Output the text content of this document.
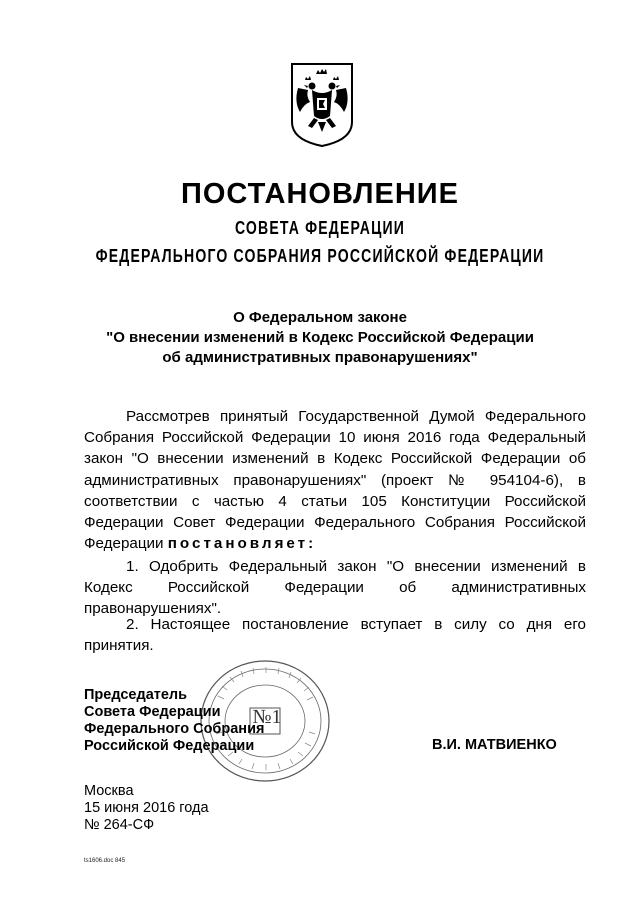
ПОСТАНОВЛЕНИЕ
СОВЕТА ФЕДЕРАЦИИ
ФЕДЕРАЛЬНОГО СОБРАНИЯ РОССИЙСКОЙ ФЕДЕРАЦИИ
О Федеральном законе
"О внесении изменений в Кодекс Российской Федерации
об административных правонарушениях"
Рассмотрев принятый Государственной Думой Федерального
Собрания Российской Федерации 10 июня 2016 года Федеральный
закон "О внесении изменений в Кодекс Российской Федерации об
административных правонарушениях" (проект № 954104-6), в
соответствии с частью 4 статьи 105 Конституции Российской
Федерации Совет Федерации Федерального Собрания Российской
Федерации постановляет:
1. Одобрить Федеральный закон "О внесении изменений в
Кодекс Российской Федерации об административных
правонарушениях".
2. Настоящее постановление вступает в силу со дня его
принятия.
№1
Председатель
Совета Федерации
Федерального Собрания
Российской Федерации	В.И. МАТВИЕНКО
Москва
15 июня 2016 года
№ 264-СФ
ts1606.doc 845
